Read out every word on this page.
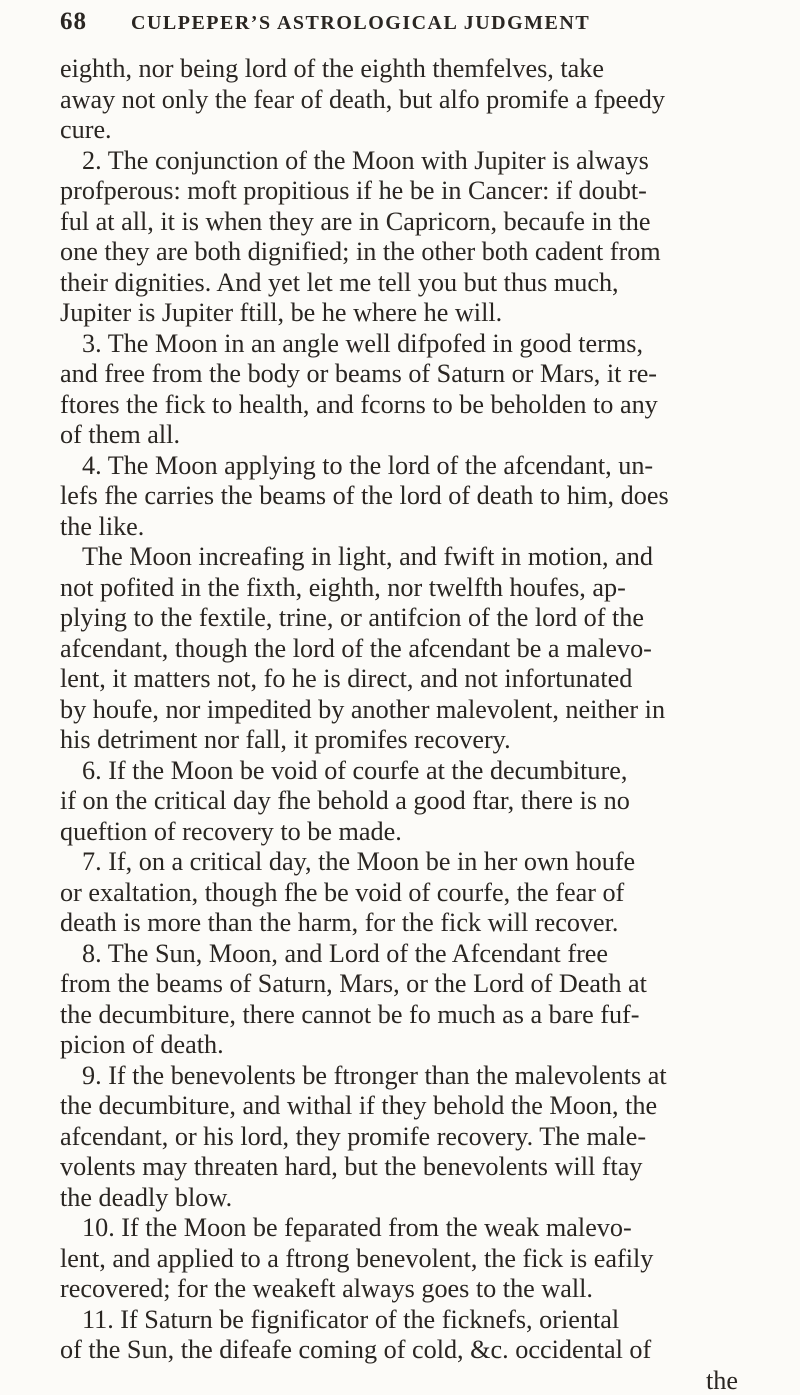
68 CULPEPER’S ASTROLOGICAL JUDGMENT
eighth, nor being lord of the eighth themfelves, take
away not only the fear of death, but alfo promife a fpeedy
cure.
2. The conjunction of the Moon with Jupiter is always
profperous: moft propitious if he be in Cancer: if doubt-
ful at all, it is when they are in Capricorn, becaufe in the
one they are both dignified; in the other both cadent from
their dignities. And yet let me tell you but thus much,
Jupiter is Jupiter ftill, be he where he will.
3. The Moon in an angle well difpofed in good terms,
and free from the body or beams of Saturn or Mars, it re-
ftores the fick to health, and fcorns to be beholden to any
of them all.
4. The Moon applying to the lord of the afcendant, un-
lefs fhe carries the beams of the lord of death to him, does
the like.
The Moon increafing in light, and fwift in motion, and
not pofited in the fixth, eighth, nor twelfth houfes, ap-
plying to the fextile, trine, or antifcion of the lord of the
afcendant, though the lord of the afcendant be a malevo-
lent, it matters not, fo he is direct, and not infortunated
by houfe, nor impedited by another malevolent, neither in
his detriment nor fall, it promifes recovery.
6. If the Moon be void of courfe at the decumbiture,
if on the critical day fhe behold a good ftar, there is no
queftion of recovery to be made.
7. If, on a critical day, the Moon be in her own houfe
or exaltation, though fhe be void of courfe, the fear of
death is more than the harm, for the fick will recover.
8. The Sun, Moon, and Lord of the Afcendant free
from the beams of Saturn, Mars, or the Lord of Death at
the decumbiture, there cannot be fo much as a bare fuf-
picion of death.
9. If the benevolents be ftronger than the malevolents at
the decumbiture, and withal if they behold the Moon, the
afcendant, or his lord, they promife recovery. The male-
volents may threaten hard, but the benevolents will ftay
the deadly blow.
10. If the Moon be feparated from the weak malevo-
lent, and applied to a ftrong benevolent, the fick is eafily
recovered; for the weakeft always goes to the wall.
11. If Saturn be fignificator of the ficknefs, oriental
of the Sun, the difeafe coming of cold, &c. occidental of
the
